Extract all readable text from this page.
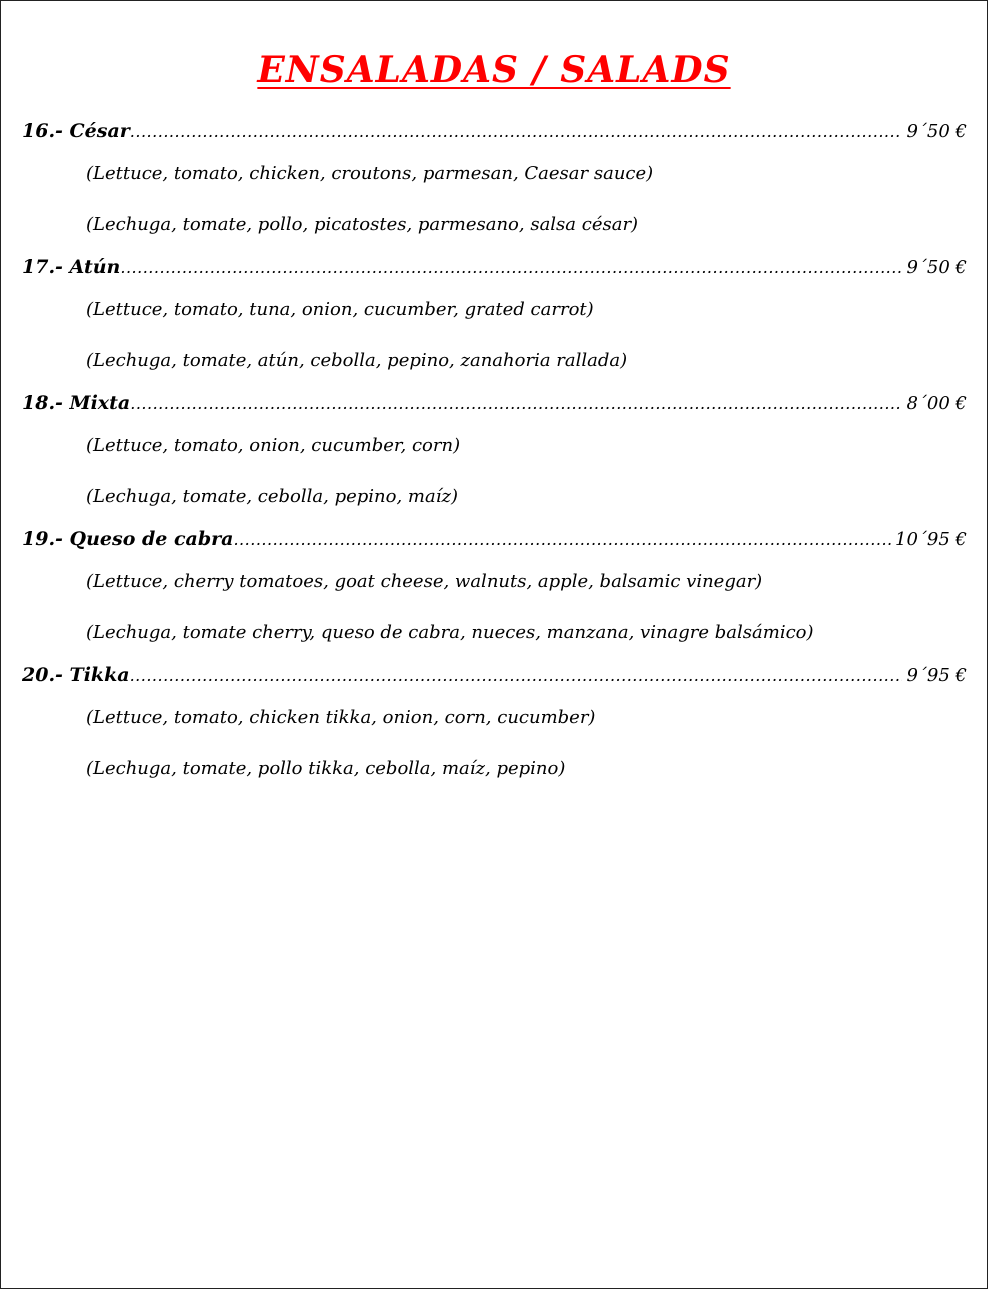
ENSALADAS / SALADS
16.- César .....	9´50 €
(Lettuce, tomato, chicken, croutons, parmesan, Caesar sauce)
(Lechuga, tomate, pollo, picatostes, parmesano, salsa césar)
17.- Atún .....	9´50 €
(Lettuce, tomato, tuna, onion, cucumber, grated carrot)
(Lechuga, tomate, atún, cebolla, pepino, zanahoria rallada)
18.- Mixta .....	8´00 €
(Lettuce, tomato, onion, cucumber, corn)
(Lechuga, tomate, cebolla, pepino, maíz)
19.- Queso de cabra .....	10´95 €
(Lettuce, cherry tomatoes, goat cheese, walnuts, apple, balsamic vinegar)
(Lechuga, tomate cherry, queso de cabra, nueces, manzana, vinagre balsámico)
20.- Tikka .....	9´95 €
(Lettuce, tomato, chicken tikka, onion, corn, cucumber)
(Lechuga, tomate, pollo tikka, cebolla, maíz, pepino)
